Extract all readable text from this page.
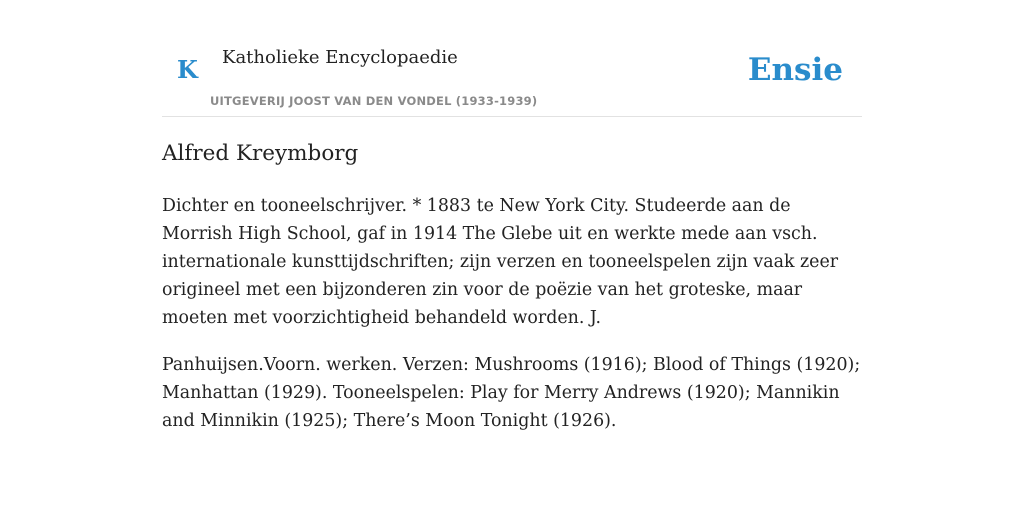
K Katholieke Encyclopaedie
UITGEVERIJ JOOST VAN DEN VONDEL (1933-1939)
Ensie
Alfred Kreymborg

Dichter en tooneelschrijver. * 1883 te New York City. Studeerde aan de Morrish High School, gaf in 1914 The Glebe uit en werkte mede aan vsch. internationale kunsttijdschriften; zijn verzen en tooneelspelen zijn vaak zeer origineel met een bijzonderen zin voor de poëzie van het groteske, maar moeten met voorzichtigheid behandeld worden. J.

Panhuijsen.Voorn. werken. Verzen: Mushrooms (1916); Blood of Things (1920); Manhattan (1929). Tooneelspelen: Play for Merry Andrews (1920); Mannikin and Minnikin (1925); There’s Moon Tonight (1926).
